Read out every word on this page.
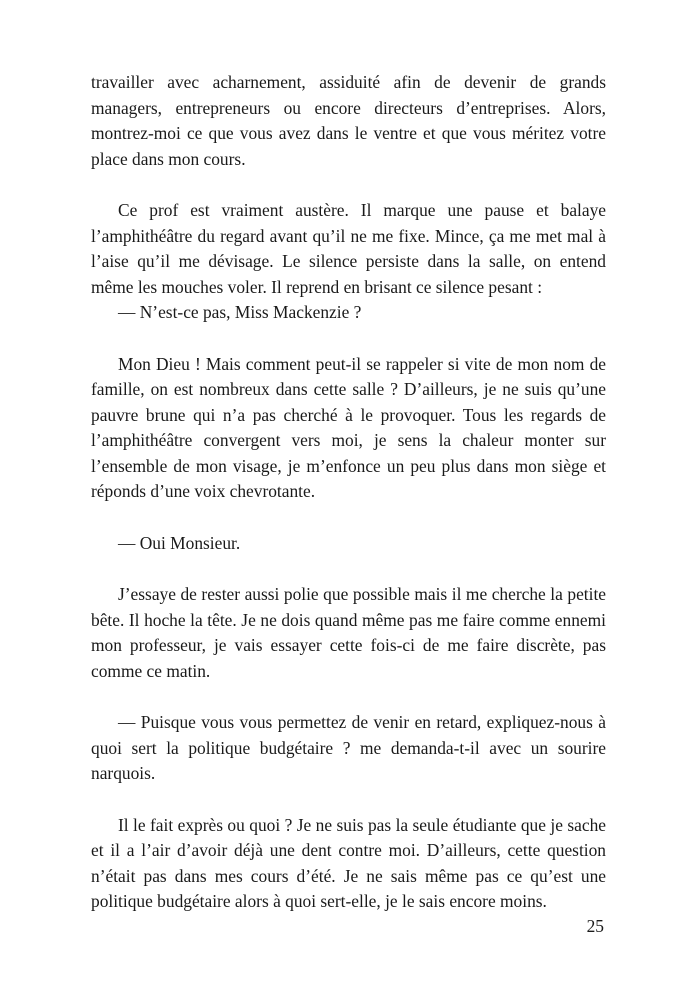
travailler avec acharnement, assiduité afin de devenir de grands managers, entrepreneurs ou encore directeurs d’entreprises. Alors, montrez-moi ce que vous avez dans le ventre et que vous méritez votre place dans mon cours.

Ce prof est vraiment austère. Il marque une pause et balaye l’amphithéâtre du regard avant qu’il ne me fixe. Mince, ça me met mal à l’aise qu’il me dévisage. Le silence persiste dans la salle, on entend même les mouches voler. Il reprend en brisant ce silence pesant :

— N’est-ce pas, Miss Mackenzie ?

Mon Dieu ! Mais comment peut-il se rappeler si vite de mon nom de famille, on est nombreux dans cette salle ? D’ailleurs, je ne suis qu’une pauvre brune qui n’a pas cherché à le provoquer. Tous les regards de l’amphithéâtre convergent vers moi, je sens la chaleur monter sur l’ensemble de mon visage, je m’enfonce un peu plus dans mon siège et réponds d’une voix chevrotante.

— Oui Monsieur.

J’essaye de rester aussi polie que possible mais il me cherche la petite bête. Il hoche la tête. Je ne dois quand même pas me faire comme ennemi mon professeur, je vais essayer cette fois-ci de me faire discrète, pas comme ce matin.

— Puisque vous vous permettez de venir en retard, expliquez-nous à quoi sert la politique budgétaire ? me demanda-t-il avec un sourire narquois.

Il le fait exprès ou quoi ? Je ne suis pas la seule étudiante que je sache et il a l’air d’avoir déjà une dent contre moi. D’ailleurs, cette question n’était pas dans mes cours d’été. Je ne sais même pas ce qu’est une politique budgétaire alors à quoi sert-elle, je le sais encore moins.

25
